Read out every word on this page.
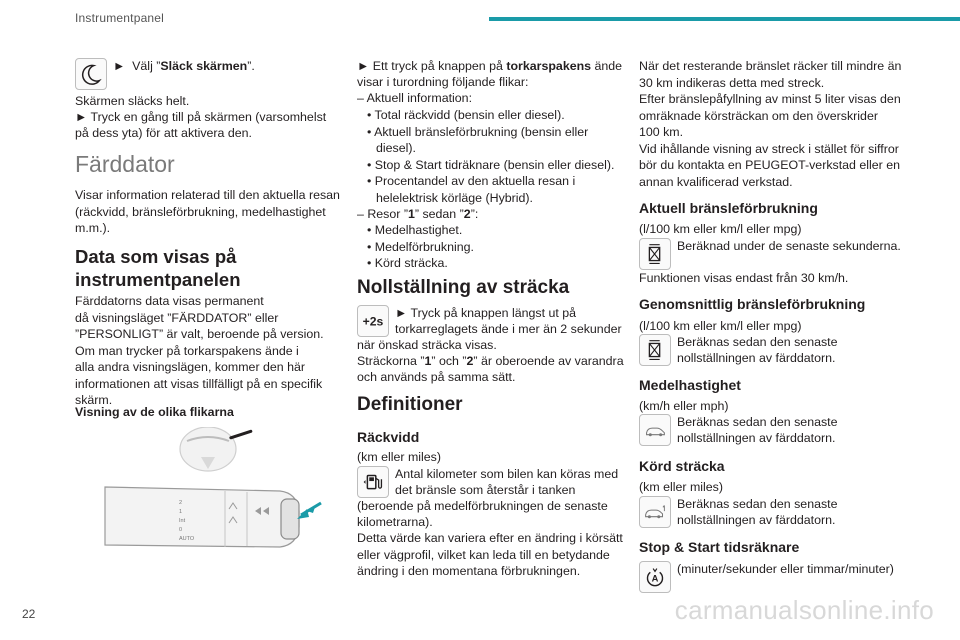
Instrumentpanel
► Välj ”Släck skärmen”.
Skärmen släcks helt.
► Tryck en gång till på skärmen (varsomhelst
på dess yta) för att aktivera den.
Färddator
Visar information relaterad till den aktuella resan
(räckvidd, bränsleförbrukning, medelhastighet
m.m.).
Data som visas på
instrumentpanelen
Färddatorns data visas permanent
då visningsläget ”FÄRDDATOR” eller
”PERSONLIGT” är valt, beroende på version.
Om man trycker på torkarspakens ände i
alla andra visningslägen, kommer den här
informationen att visas tillfälligt på en specifik
skärm.
Visning av de olika flikarna
AUTO
0
Int
1
2
► Ett tryck på knappen på torkarspakens ände
visar i turordning följande flikar:
– Aktuell information:
• Total räckvidd (bensin eller diesel).
• Aktuell bränsleförbrukning (bensin eller
diesel).
• Stop & Start tidräknare (bensin eller diesel).
• Procentandel av den aktuella resan i
helelektrisk körläge (Hybrid).
– Resor ”1” sedan ”2”:
• Medelhastighet.
• Medelförbrukning.
• Körd sträcka.
Nollställning av sträcka
+2s
► Tryck på knappen längst ut på
torkarreglagets ände i mer än 2 sekunder
när önskad sträcka visas.
Sträckorna ”1” och ”2” är oberoende av varandra
och används på samma sätt.
Definitioner
Räckvidd
(km eller miles)
Antal kilometer som bilen kan köras med
det bränsle som återstår i tanken
(beroende på medelförbrukningen de senaste
kilometrarna).
Detta värde kan variera efter en ändring i körsätt
eller vägprofil, vilket kan leda till en betydande
ändring i den momentana förbrukningen.
När det resterande bränslet räcker till mindre än
30 km indikeras detta med streck.
Efter bränslepåfyllning av minst 5 liter visas den
omräknade körsträckan om den överskrider
100 km.
Vid ihållande visning av streck i stället för siffror
bör du kontakta en PEUGEOT-verkstad eller en
annan kvalificerad verkstad.
Aktuell bränsleförbrukning
(l/100 km eller km/l eller mpg)
Beräknad under de senaste sekunderna.
Funktionen visas endast från 30 km/h.
Genomsnittlig bränsleförbrukning
(l/100 km eller km/l eller mpg)
Beräknas sedan den senaste
nollställningen av färddatorn.
Medelhastighet
(km/h eller mph)
Beräknas sedan den senaste
nollställningen av färddatorn.
Körd sträcka
(km eller miles)
Beräknas sedan den senaste
nollställningen av färddatorn.
Stop & Start tidsräknare
A
(minuter/sekunder eller timmar/minuter)
22	carmanualsonline.info
